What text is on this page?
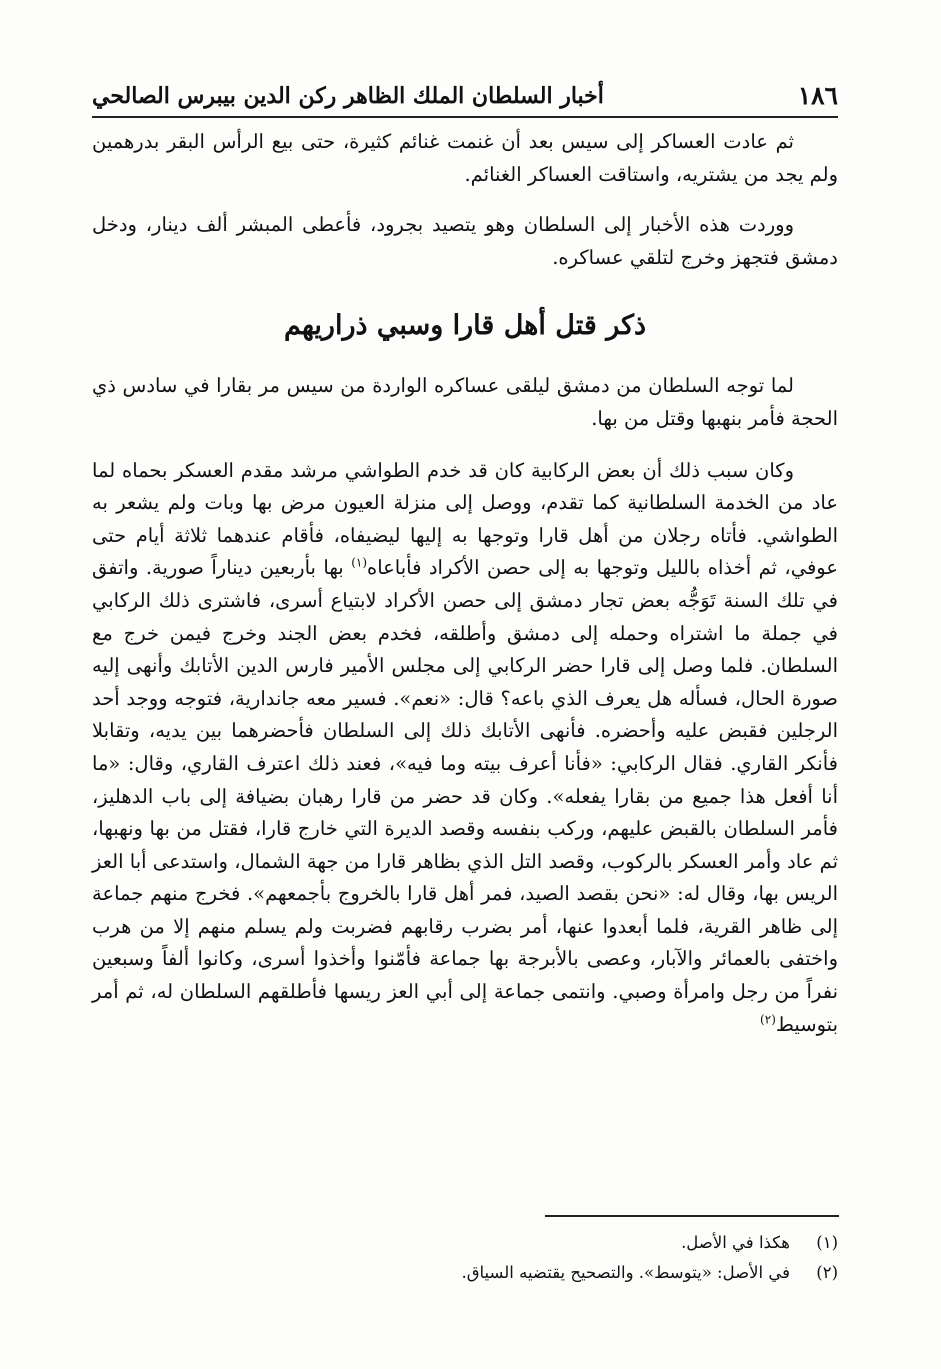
١٨٦
أخبار السلطان الملك الظاهر ركن الدين بيبرس الصالحي

ثم عادت العساكر إلى سيس بعد أن غنمت غنائم كثيرة، حتى بيع الرأس البقر بدرهمين ولم يجد من يشتريه، واستاقت العساكر الغنائم.

ووردت هذه الأخبار إلى السلطان وهو يتصيد بجرود، فأعطى المبشر ألف دينار، ودخل دمشق فتجهز وخرج لتلقي عساكره.

ذكر قتل أهل قارا وسبي ذراريهم

لما توجه السلطان من دمشق ليلقى عساكره الواردة من سيس مر بقارا في سادس ذي الحجة فأمر بنهبها وقتل من بها.

وكان سبب ذلك أن بعض الركابية كان قد خدم الطواشي مرشد مقدم العسكر بحماه لما عاد من الخدمة السلطانية كما تقدم، ووصل إلى منزلة العيون مرض بها وبات ولم يشعر به الطواشي. فأتاه رجلان من أهل قارا وتوجها به إليها ليضيفاه، فأقام عندهما ثلاثة أيام حتى عوفي، ثم أخذاه بالليل وتوجها به إلى حصن الأكراد فأباعاه$^{(١)}$ بها بأربعين ديناراً صورية. واتفق في تلك السنة تَوَجُّه بعض تجار دمشق إلى حصن الأكراد لابتياع أسرى، فاشترى ذلك الركابي في جملة ما اشتراه وحمله إلى دمشق وأطلقه، فخدم بعض الجند وخرج فيمن خرج مع السلطان. فلما وصل إلى قارا حضر الركابي إلى مجلس الأمير فارس الدين الأتابك وأنهى إليه صورة الحال، فسأله هل يعرف الذي باعه؟ قال: «نعم». فسير معه جاندارية، فتوجه ووجد أحد الرجلين فقبض عليه وأحضره. فأنهى الأتابك ذلك إلى السلطان فأحضرهما بين يديه، وتقابلا فأنكر القاري. فقال الركابي: «فأنا أعرف بيته وما فيه»، فعند ذلك اعترف القاري، وقال: «ما أنا أفعل هذا جميع من بقارا يفعله». وكان قد حضر من قارا رهبان بضيافة إلى باب الدهليز، فأمر السلطان بالقبض عليهم، وركب بنفسه وقصد الديرة التي خارج قارا، فقتل من بها ونهبها، ثم عاد وأمر العسكر بالركوب، وقصد التل الذي بظاهر قارا من جهة الشمال، واستدعى أبا العز الريس بها، وقال له: «نحن بقصد الصيد، فمر أهل قارا بالخروج بأجمعهم». فخرج منهم جماعة إلى ظاهر القرية، فلما أبعدوا عنها، أمر بضرب رقابهم فضربت ولم يسلم منهم إلا من هرب واختفى بالعمائر والآبار، وعصى بالأبرجة بها جماعة فأمّنوا وأخذوا أسرى، وكانوا ألفاً وسبعين نفراً من رجل وامرأة وصبي. وانتمى جماعة إلى أبي العز ريسها فأطلقهم السلطان له، ثم أمر بتوسيط$^{(٢)}$

(١)
هكذا في الأصل.
(٢)
في الأصل: «يتوسط». والتصحيح يقتضيه السياق.
